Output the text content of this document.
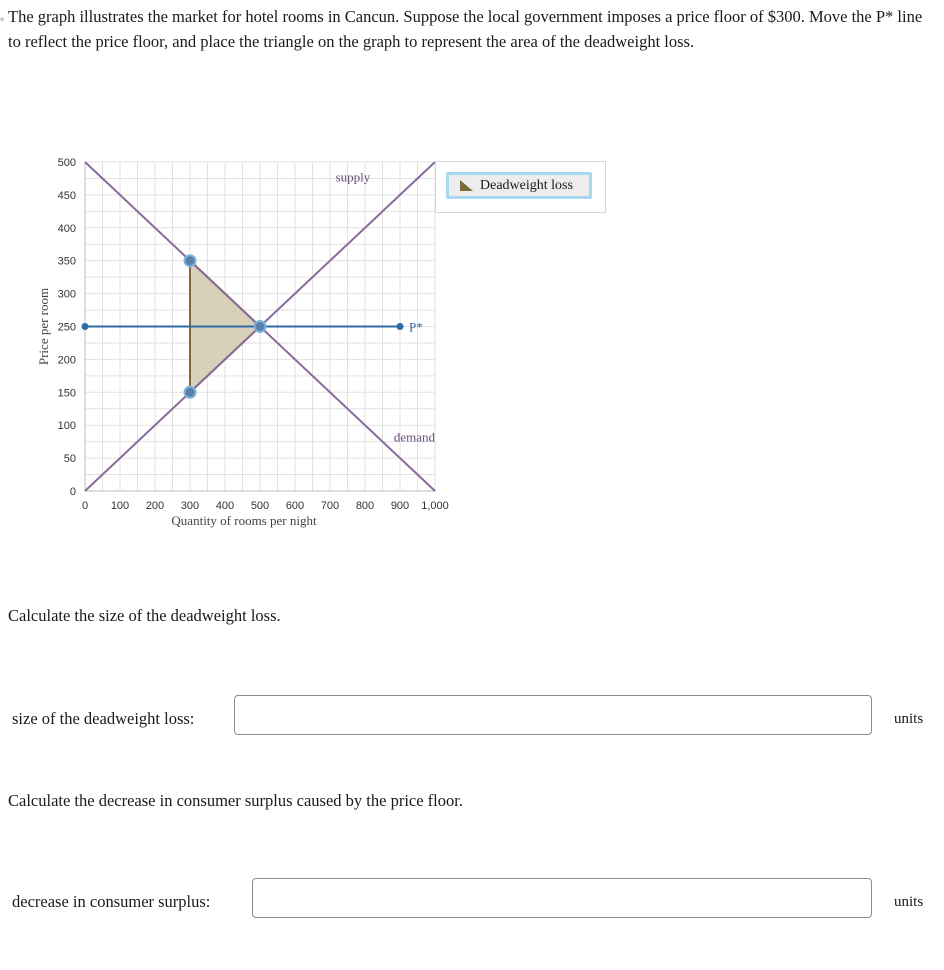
◦ The graph illustrates the market for hotel rooms in Cancun. Suppose the local government imposes a price floor of $300. Move the P* line to reflect the price floor, and place the triangle on the graph to represent the area of the deadweight loss.
0 100 200 300 400 500 600 700 800 900 1,000
0
50
100
150
200
250
300
350
400
450
500
Quantity of rooms per night
Price per room	P*
supply
demand
Deadweight loss
Calculate the size of the deadweight loss.
size of the deadweight loss:	units
Calculate the decrease in consumer surplus caused by the price floor.
decrease in consumer surplus:	units
